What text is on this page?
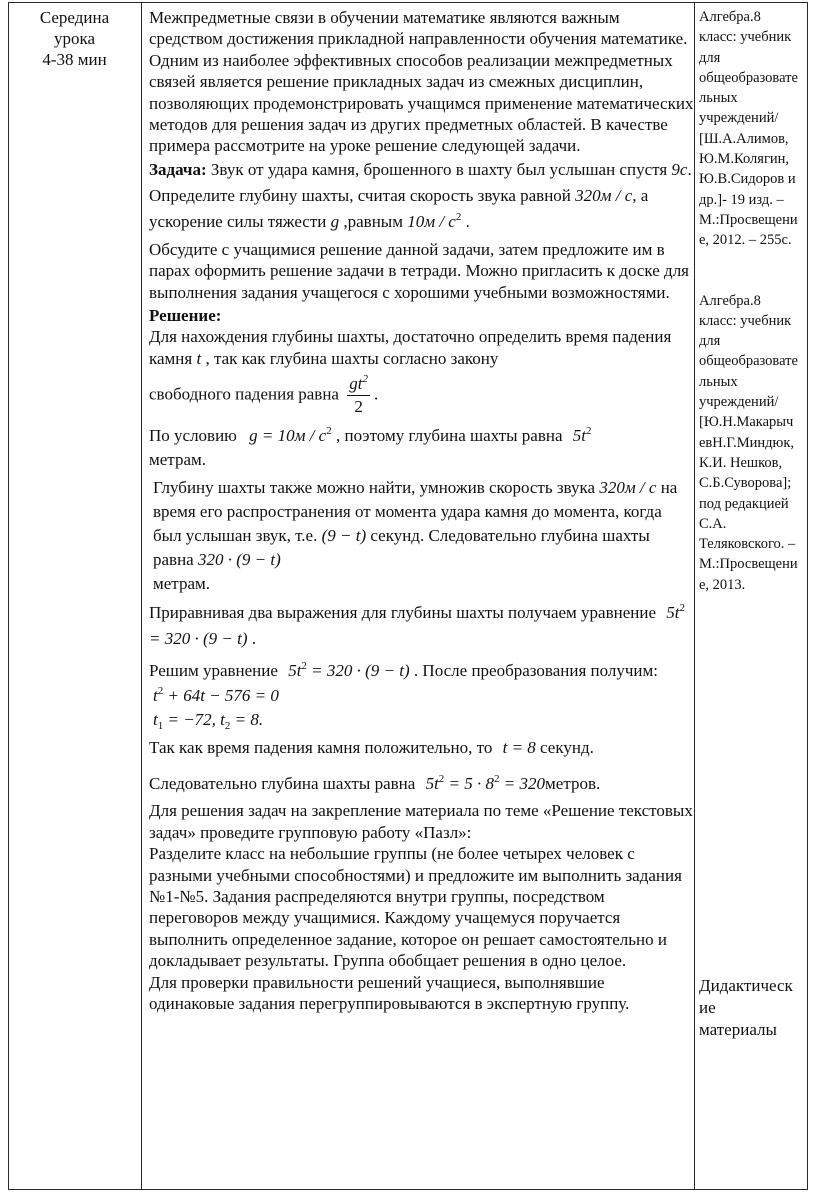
Середина
урока
4-38 мин

Межпредметные связи в обучении математике являются важным средством достижения прикладной направленности обучения математике.

Одним из наиболее эффективных способов реализации межпредметных связей является решение прикладных задач из смежных дисциплин, позволяющих продемонстрировать учащимся применение математических методов для решения задач из других предметных областей. В качестве примера рассмотрите на уроке решение следующей задачи.

Задача: Звук от удара камня, брошенного в шахту был услышан спустя 9c. Определите глубину шахты, считая скорость звука равной 320м / с, а ускорение силы тяжести g ,равным $10м / с^2$ .

Обсудите с учащимися решение данной задачи, затем предложите им в парах оформить решение задачи в тетради. Можно пригласить к доске для выполнения задания учащегося с хорошими учебными возможностями.

Решение:

Для нахождения глубины шахты, достаточно определить время падения камня t , так как глубина шахты согласно закону

свободного падения равна $\frac{gt^2}{2}$ .

По условию $g = 10м / с^2$ , поэтому глубина шахты равна $5t^2$
метрам.

Глубину шахты также можно найти, умножив скорость звука 320м / с на время его распространения от момента удара камня до момента, когда был услышан звук, т.е. (9 − t) секунд. Следовательно глубина шахты равна 320 · (9 − t)
метрам.

Приравнивая два выражения для глубины шахты получаем уравнение $5t^2 = 320 \cdot (9 - t)$ .

Решим уравнение $5t^2 = 320 \cdot (9 - t)$ . После преобразования получим:

$t^2 + 64t - 576 = 0$

$t_1 = -72$, $t_2 = 8$.

Так как время падения камня положительно, то t = 8 секунд.

Следовательно глубина шахты равна $5t^2 = 5 \cdot 8^2$ = 320метров.

Для решения задач на закрепление материала по теме «Решение текстовых задач» проведите групповую работу «Пазл»:

Разделите класс на небольшие группы (не более четырех человек с разными учебными способностями) и предложите им выполнить задания №1-№5. Задания распределяются внутри группы, посредством переговоров между учащимися. Каждому учащемуся поручается выполнить определенное задание, которое он решает самостоятельно и докладывает результаты. Группа обобщает решения в одно целое.

Для проверки правильности решений учащиеся, выполнявшие одинаковые задания перегруппировываются в экспертную группу.

Алгебра.8
класс: учебник
для
общеобразовате
льных
учреждений/
[Ш.А.Алимов,
Ю.М.Колягин,
Ю.В.Сидоров и
др.]- 19 изд. –
М.:Просвещени
е, 2012. – 255с.
Алгебра.8
класс: учебник
для
общеобразовате
льных
учреждений/
[Ю.Н.Макарыч
евН.Г.Миндюк,
К.И. Нешков,
С.Б.Суворова];
под редакцией
С.А.
Теляковского. –
М.:Просвещени
е, 2013.
Дидактическ
ие
материалы
